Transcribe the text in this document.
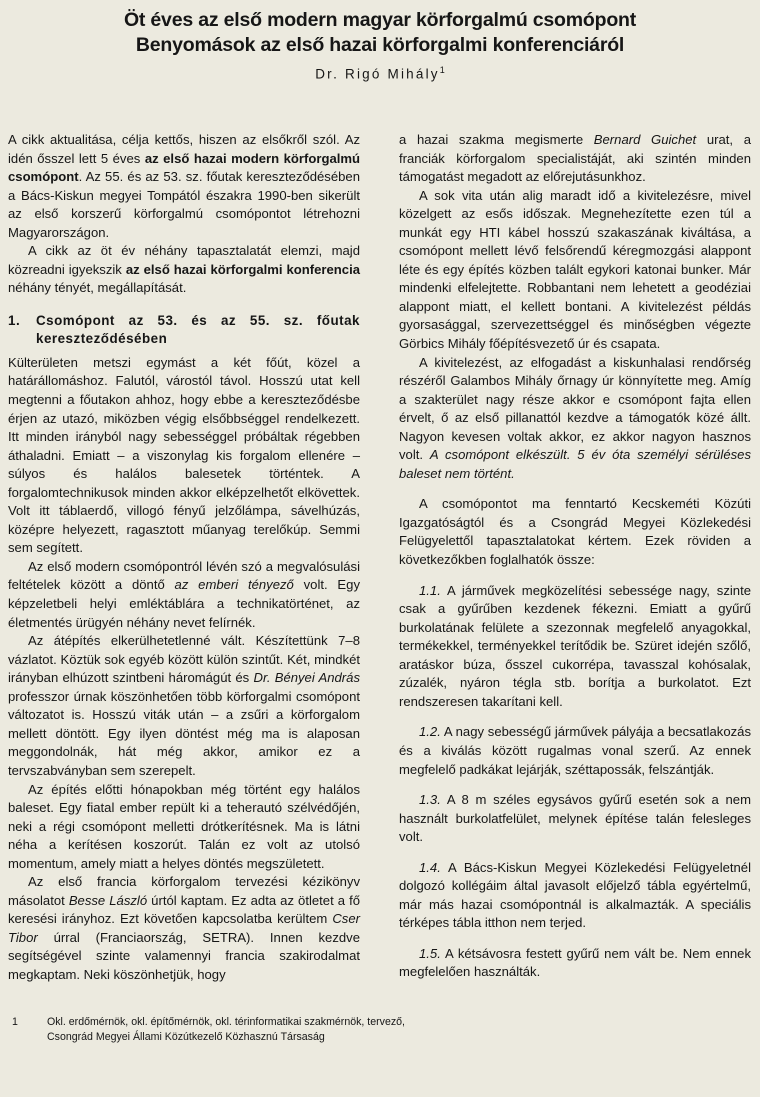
Öt éves az első modern magyar körforgalmú csomópont
Benyomások az első hazai körforgalmi konferenciáról
Dr. Rigó Mihály$^1$

A cikk aktualitása, célja kettős, hiszen az elsőkről szól. Az idén ősszel lett 5 éves az első hazai modern körforgalmú csomópont. Az 55. és az 53. sz. főutak kereszteződésében a Bács-Kiskun megyei Tompától északra 1990-ben sikerült az első korszerű körforgalmú csomópontot létrehozni Magyarországon.

A cikk az öt év néhány tapasztalatát elemzi, majd közreadni igyekszik az első hazai körforgalmi konferencia néhány tényét, megállapítását.

1. Csomópont az 53. és az 55. sz. főutak kereszteződésében

Külterületen metszi egymást a két főút, közel a határállomáshoz. Falutól, várostól távol. Hosszú utat kell megtenni a főutakon ahhoz, hogy ebbe a kereszteződésbe érjen az utazó, miközben végig elsőbbséggel rendelkezett. Itt minden irányból nagy sebességgel próbáltak régebben áthaladni. Emiatt – a viszonylag kis forgalom ellenére – súlyos és halálos balesetek történtek. A forgalomtechnikusok minden akkor elképzelhetőt elkövettek. Volt itt táblaerdő, villogó fényű jelzőlámpa, sávelhúzás, középre helyezett, ragasztott műanyag terelőkúp. Semmi sem segített.

Az első modern csomópontról lévén szó a megvalósulási feltételek között a döntő az emberi tényező volt. Egy képzeletbeli helyi emléktáblára a technikatörténet, az életmentés ürügyén néhány nevet felírnék.

Az átépítés elkerülhetetlenné vált. Készítettünk 7–8 vázlatot. Köztük sok egyéb között külön szintűt. Két, mindkét irányban elhúzott szintbeni háromágút és Dr. Bényei András professzor úrnak köszönhetően több körforgalmi csomópont változatot is. Hosszú viták után – a zsűri a körforgalom mellett döntött. Egy ilyen döntést még ma is alaposan meggondolnák, hát még akkor, amikor ez a tervszabványban sem szerepelt.

Az építés előtti hónapokban még történt egy halálos baleset. Egy fiatal ember repült ki a teherautó szélvédőjén, neki a régi csomópont melletti drótkerítésnek. Ma is látni néha a kerítésen koszorút. Talán ez volt az utolsó momentum, amely miatt a helyes döntés megszületett.

Az első francia körforgalom tervezési kézikönyv másolatot Besse László úrtól kaptam. Ez adta az ötletet a fő keresési irányhoz. Ezt követően kapcsolatba kerültem Cser Tibor úrral (Franciaország, SETRA). Innen kezdve segítségével szinte valamennyi francia szakirodalmat megkaptam. Neki köszönhetjük, hogy

a hazai szakma megismerte Bernard Guichet urat, a franciák körforgalom specialistáját, aki szintén minden támogatást megadott az előrejutásunkhoz.

A sok vita után alig maradt idő a kivitelezésre, mivel közelgett az esős időszak. Megnehezítette ezen túl a munkát egy HTI kábel hosszú szakaszának kiváltása, a csomópont mellett lévő felsőrendű kéregmozgási alappont léte és egy építés közben talált egykori katonai bunker. Már mindenki elfelejtette. Robbantani nem lehetett a geodéziai alappont miatt, el kellett bontani. A kivitelezést példás gyorsasággal, szervezettséggel és minőségben végezte Görbics Mihály főépítésvezető úr és csapata.

A kivitelezést, az elfogadást a kiskunhalasi rendőrség részéről Galambos Mihály őrnagy úr könnyítette meg. Amíg a szakterület nagy része akkor e csomópont fajta ellen érvelt, ő az első pillanattól kezdve a támogatók közé állt. Nagyon kevesen voltak akkor, ez akkor nagyon hasznos volt. A csomópont elkészült. 5 év óta személyi sérüléses baleset nem történt.

A csomópontot ma fenntartó Kecskeméti Közúti Igazgatóságtól és a Csongrád Megyei Közlekedési Felügyelettől tapasztalatokat kértem. Ezek röviden a következőkben foglalhatók össze:

1.1. A járművek megközelítési sebessége nagy, szinte csak a gyűrűben kezdenek fékezni. Emiatt a gyűrű burkolatának felülete a szezonnak megfelelő anyagokkal, termékekkel, terményekkel terítődik be. Szüret idején szőlő, aratáskor búza, ősszel cukorrépa, tavasszal kohósalak, zúzalék, nyáron tégla stb. borítja a burkolatot. Ezt rendszeresen takarítani kell.

1.2. A nagy sebességű járművek pályája a becsatlakozás és a kiválás között rugalmas vonal szerű. Az ennek megfelelő padkákat lejárják, széttapossák, felszántják.

1.3. A 8 m széles egysávos gyűrű esetén sok a nem használt burkolatfelület, melynek építése talán felesleges volt.

1.4. A Bács-Kiskun Megyei Közlekedési Felügyeletnél dolgozó kollégáim által javasolt előjelző tábla egyértelmű, már más hazai csomópontnál is alkalmazták. A speciális térképes tábla itthon nem terjed.

1.5. A kétsávosra festett gyűrű nem vált be. Nem ennek megfelelően használták.

1	Okl. erdőmérnök, okl. építőmérnök, okl. térinformatikai szakmérnök, tervező,
Csongrád Megyei Állami Közútkezelő Közhasznú Társaság
